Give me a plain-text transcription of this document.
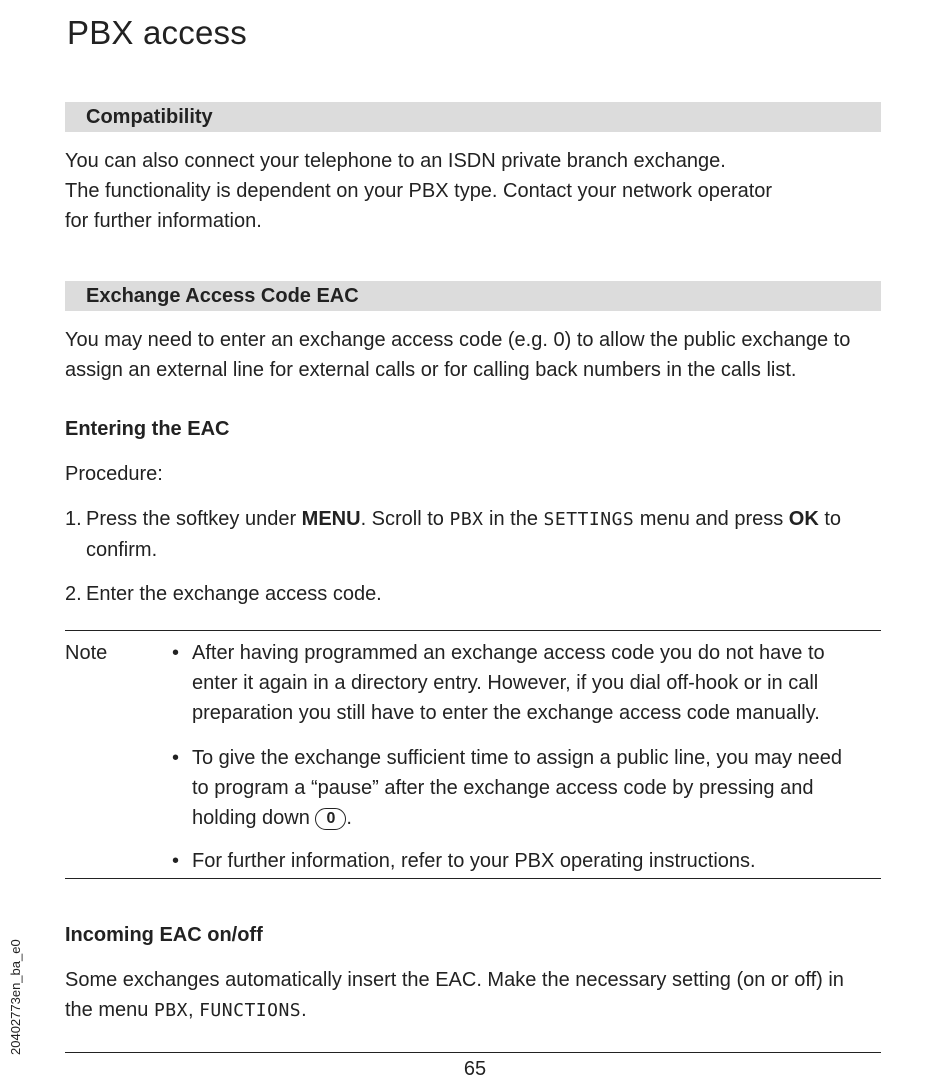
PBX access
Compatibility
You can also connect your telephone to an ISDN private branch exchange.
The functionality is dependent on your PBX type. Contact your network operator
for further information.
Exchange Access Code EAC
You may need to enter an exchange access code (e.g. 0) to allow the public exchange to
assign an external line for external calls or for calling back numbers in the calls list.
Entering the EAC
Procedure:
1. Press the softkey under MENU. Scroll to PBX in the SETTINGS menu and press OK to
confirm.
2. Enter the exchange access code.
Note	• After having programmed an exchange access code you do not have to
enter it again in a directory entry. However, if you dial off-hook or in call
preparation you still have to enter the exchange access code manually.
• To give the exchange sufficient time to assign a public line, you may need
to program a “pause” after the exchange access code by pressing and
holding down 0 .
• For further information, refer to your PBX operating instructions.
Incoming EAC on/off
Some exchanges automatically insert the EAC. Make the necessary setting (on or off) in
the menu PBX, FUNCTIONS.
65
20402773en_ba_e0
